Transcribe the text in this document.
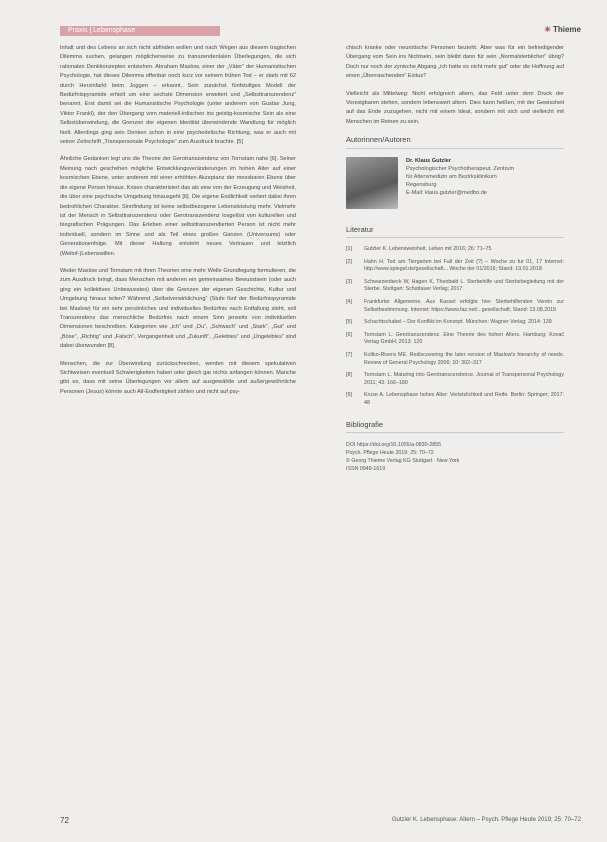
Praxis | Lebensphase	✳ Thieme

Inhalt und des Lebens an sich nicht abfinden wollen und nach Wegen aus diesem tragischen Dilemma suchen, gelangen möglicherweise zu transzendentalen Überlegungen, die sich rationalen Denkkonzepten entziehen. Abraham Maslow, einer der „Väter“ der Humanistischen Psychologie, hat dieses Dilemma offenbar noch kurz vor seinem frühen Tod – er starb mit 62 durch Herzinfarkt beim Joggen – erkannt. Sein zunächst fünfstufiges Modell der Bedürfnispyramide erhielt um eine sechste Dimension erweitert und „Selbsttranszendenz“ benannt. Erst damit sei die Humanistische Psychologie (unter anderem von Gustav Jung, Viktor Frankl), der den Übergang vom materiell-irdischen ins geistig-kosmische Sein als eine Selbstüberwindung, die Grenzen der eigenen Identität überwindende Wandlung für möglich hielt. Allerdings ging sein Denken schon in eine psychedelische Richtung, was er auch mit seiner Zeitschrift „Transpersonale Psychologie“ zum Ausdruck brachte. [5]

Ähnliche Gedanken legt uns die Theorie der Gerotranszendenz von Tornstam nahe [6]. Seiner Meinung nach geschehen mögliche Entwicklungsveränderungen im hohen Alter auf einer kosmischen Ebene, unter anderem mit einer erhöhten Akzeptanz der messbaren Ebene über die eigene Person hinaus. Krisen charakterisiert das als eine von der Erzeugung und Weisheit, die über eine psychische Umgebung hinausgeht [6]. Die eigene Endlichkeit verliert dabei ihren bedrohlichen Charakter. Sinnfindung ist keine selbstbezogene Lebensleistung mehr. Vielmehr ist der Mensch in Selbsttranszendenz oder Gerotranszendenz losgelöst von kulturellen und biografischen Prägungen. Das Erleben einer selbsttranszendierten Person ist nicht mehr individuell, sondern im Sinne und als Teil eines großen Ganzen (Universums) oder Generationenfolge. Mit dieser Haltung entsteht neues Vertrauen und letztlich (Weltof-)Lebenswillen.

Weder Maslow und Tornstam mit ihren Theorien eine mehr Welle Grundlegung formulieren, die zum Ausdruck bringt, dass Menschen mit anderen ein gemeinsames Bewusstsein (oder auch ging ein kollektives Unbewusstes) über die Grenzen der eigenen Geschichte, Kultur und Umgebung hinaus teilen? Während „Selbstverwirklichung“ (Stufe fünf der Bedürfnispyramide bei Maslow) für ein sehr persönliches und individuelles Bedürfnis nach Entfaltung steht, soll Transzendenz das menschliche Bedürfnis nach einem Sinn jenseits von individuellen Dimensionen beschreiben. Kategorien wie „ich“ und „Du“, „Schwach“ und „Stark“, „Gut“ und „Böse“, „Richtig“ und „Falsch“, Vergangenheit und „Zukunft“, „Gelebtes“ und „Ungelebtes“ sind dabei überwunden [8].

Menschen, die zur Überwindung zurückschrecken, werden mit diesem spekulativen Sichtweisen eventuell Schwierigkeiten haben oder gleich gar nichts anfangen können. Manche gibt es, dass mit seine Überlegungen vor allem auf ausgewählte und außergewöhnliche Personen (Jesus) könnte auch All-Endfertigkeit zählen und nicht auf psy-

chisch kranke oder neurotische Personen bezieht. Aber was für ein befriedigender Übergang vom Sein ins Nichtsein, sein bleibt dann für sein „Normalsterblicher“ übrig? Doch nur noch der zynische Abgang „ich hatte es nicht mehr gut“ oder die Hoffnung auf einen „Überraschenden“ Exitus?

Vielleicht als Mittelweg: Nicht erfolgreich altern, das Feld unter dem Druck der Vorzeigbaren stehen, sondern lebenswert altern. Dies kann heißen, mit der Gewissheit auf das Ende zuzugehen, nicht mit einem Ideal, sondern mit sich und vielleicht mit Menschen im Reinen zu sein.

Autorinnen/Autoren
Dr. Klaus Gutzler
Psychologischer Psychotherapeut, Zentrum
für Altersmedizin am Bezirksklinikum
Regensburg
E-Mail: klaus.gutzler@medbo.de
Literatur
[1]	Gutzler K. Lebensweisheit, Leben mit 2016; 26: 71–75
[2]	Hahn H. Tod am Tiergarten bei Fall der Zeit (?) – Woche zu fur 01, 17 Internet: http://www.spiegel.de/gesellschaft... Woche der 01/2016; Stand: 19.01.2018
[3]	Schwarzenbeck W, Hagen K, Theobald L. Sterbehilfe und Sterbebegleitung mit der Sterbe. Stuttgart: Schattauer Verlag; 2017
[4]	Frankfurter Allgemeine. Aus Kassel erfolgte hier Sterbehilfenden Verein zur Selbstbestimmung. Internet: https://www.faz.net/...gesellschaft; Stand: 13.08.2018
[5]	Schachtschabel – Der Konflikt im Konzept. München: Wagner Verlag; 2014: 139
[6]	Tornstam L. Gerotranszendenz. Eine Theorie des hohen Alters. Hamburg: Kovač Verlag GmbH; 2013: 120
[7]	Koltko-Rivera ME. Rediscovering the later version of Maslow's hierarchy of needs. Review of General Psychology 2006; 10: 302–317
[8]	Tornstam L. Maturing into Gerotranscendence. Journal of Transpersonal Psychology 2011; 43: 166–180
[9]	Kruse A. Lebensphase hohes Alter: Verletzlichkeit und Reife. Berlin: Springer; 2017: 48
Bibliografie
DOI https://doi.org/10.1055/a-0830-2855
Psych. Pflege Heute 2019; 25: 70–72
© Georg Thieme Verlag KG Stuttgart · New York
ISSN 0949-1619
72	Gutzler K. Lebensphase: Altern – Psych. Pflege Heute 2019; 25: 70–72
